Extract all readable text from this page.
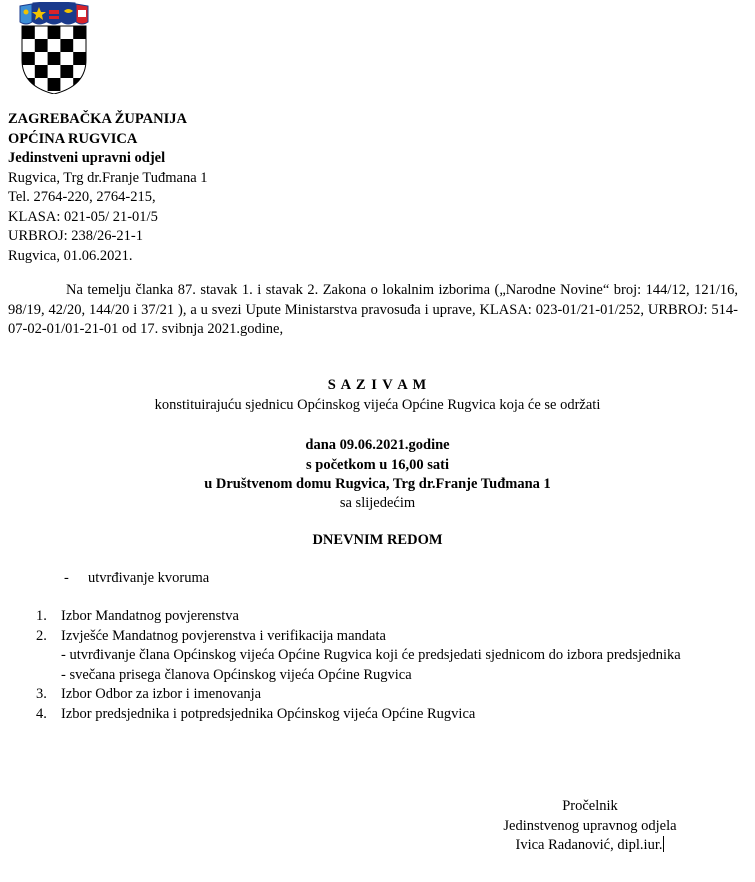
ZAGREBAČKA ŽUPANIJA
OPĆINA RUGVICA
Jedinstveni upravni odjel
Rugvica, Trg dr.Franje Tuđmana 1
Tel. 2764-220, 2764-215,
KLASA: 021-05/ 21-01/5
URBROJ: 238/26-21-1
Rugvica, 01.06.2021.
Na temelju članka 87. stavak 1. i stavak 2. Zakona o lokalnim izborima („Narodne Novine“ broj: 144/12, 121/16, 98/19, 42/20, 144/20 i 37/21 ), a u svezi Upute Ministarstva pravosuđa i uprave, KLASA: 023-01/21-01/252, URBROJ: 514-07-02-01/01-21-01 od 17. svibnja 2021.godine,
S A Z I V A M
konstituirajuću sjednicu Općinskog vijeća Općine Rugvica koja će se održati
dana 09.06.2021.godine
s početkom u 16,00 sati
u Društvenom domu Rugvica, Trg dr.Franje Tuđmana 1
sa slijedećim
DNEVNIM REDOM
- utvrđivanje kvoruma
1. Izbor Mandatnog povjerenstva
2. Izvješće Mandatnog povjerenstva i verifikacija mandata
- utvrđivanje člana Općinskog vijeća Općine Rugvica koji će predsjedati sjednicom do izbora predsjednika
- svečana prisega članova Općinskog vijeća Općine Rugvica
3. Izbor Odbor za izbor i imenovanja
4. Izbor predsjednika i potpredsjednika Općinskog vijeća Općine Rugvica
Pročelnik
Jedinstvenog upravnog odjela
Ivica Radanović, dipl.iur.
